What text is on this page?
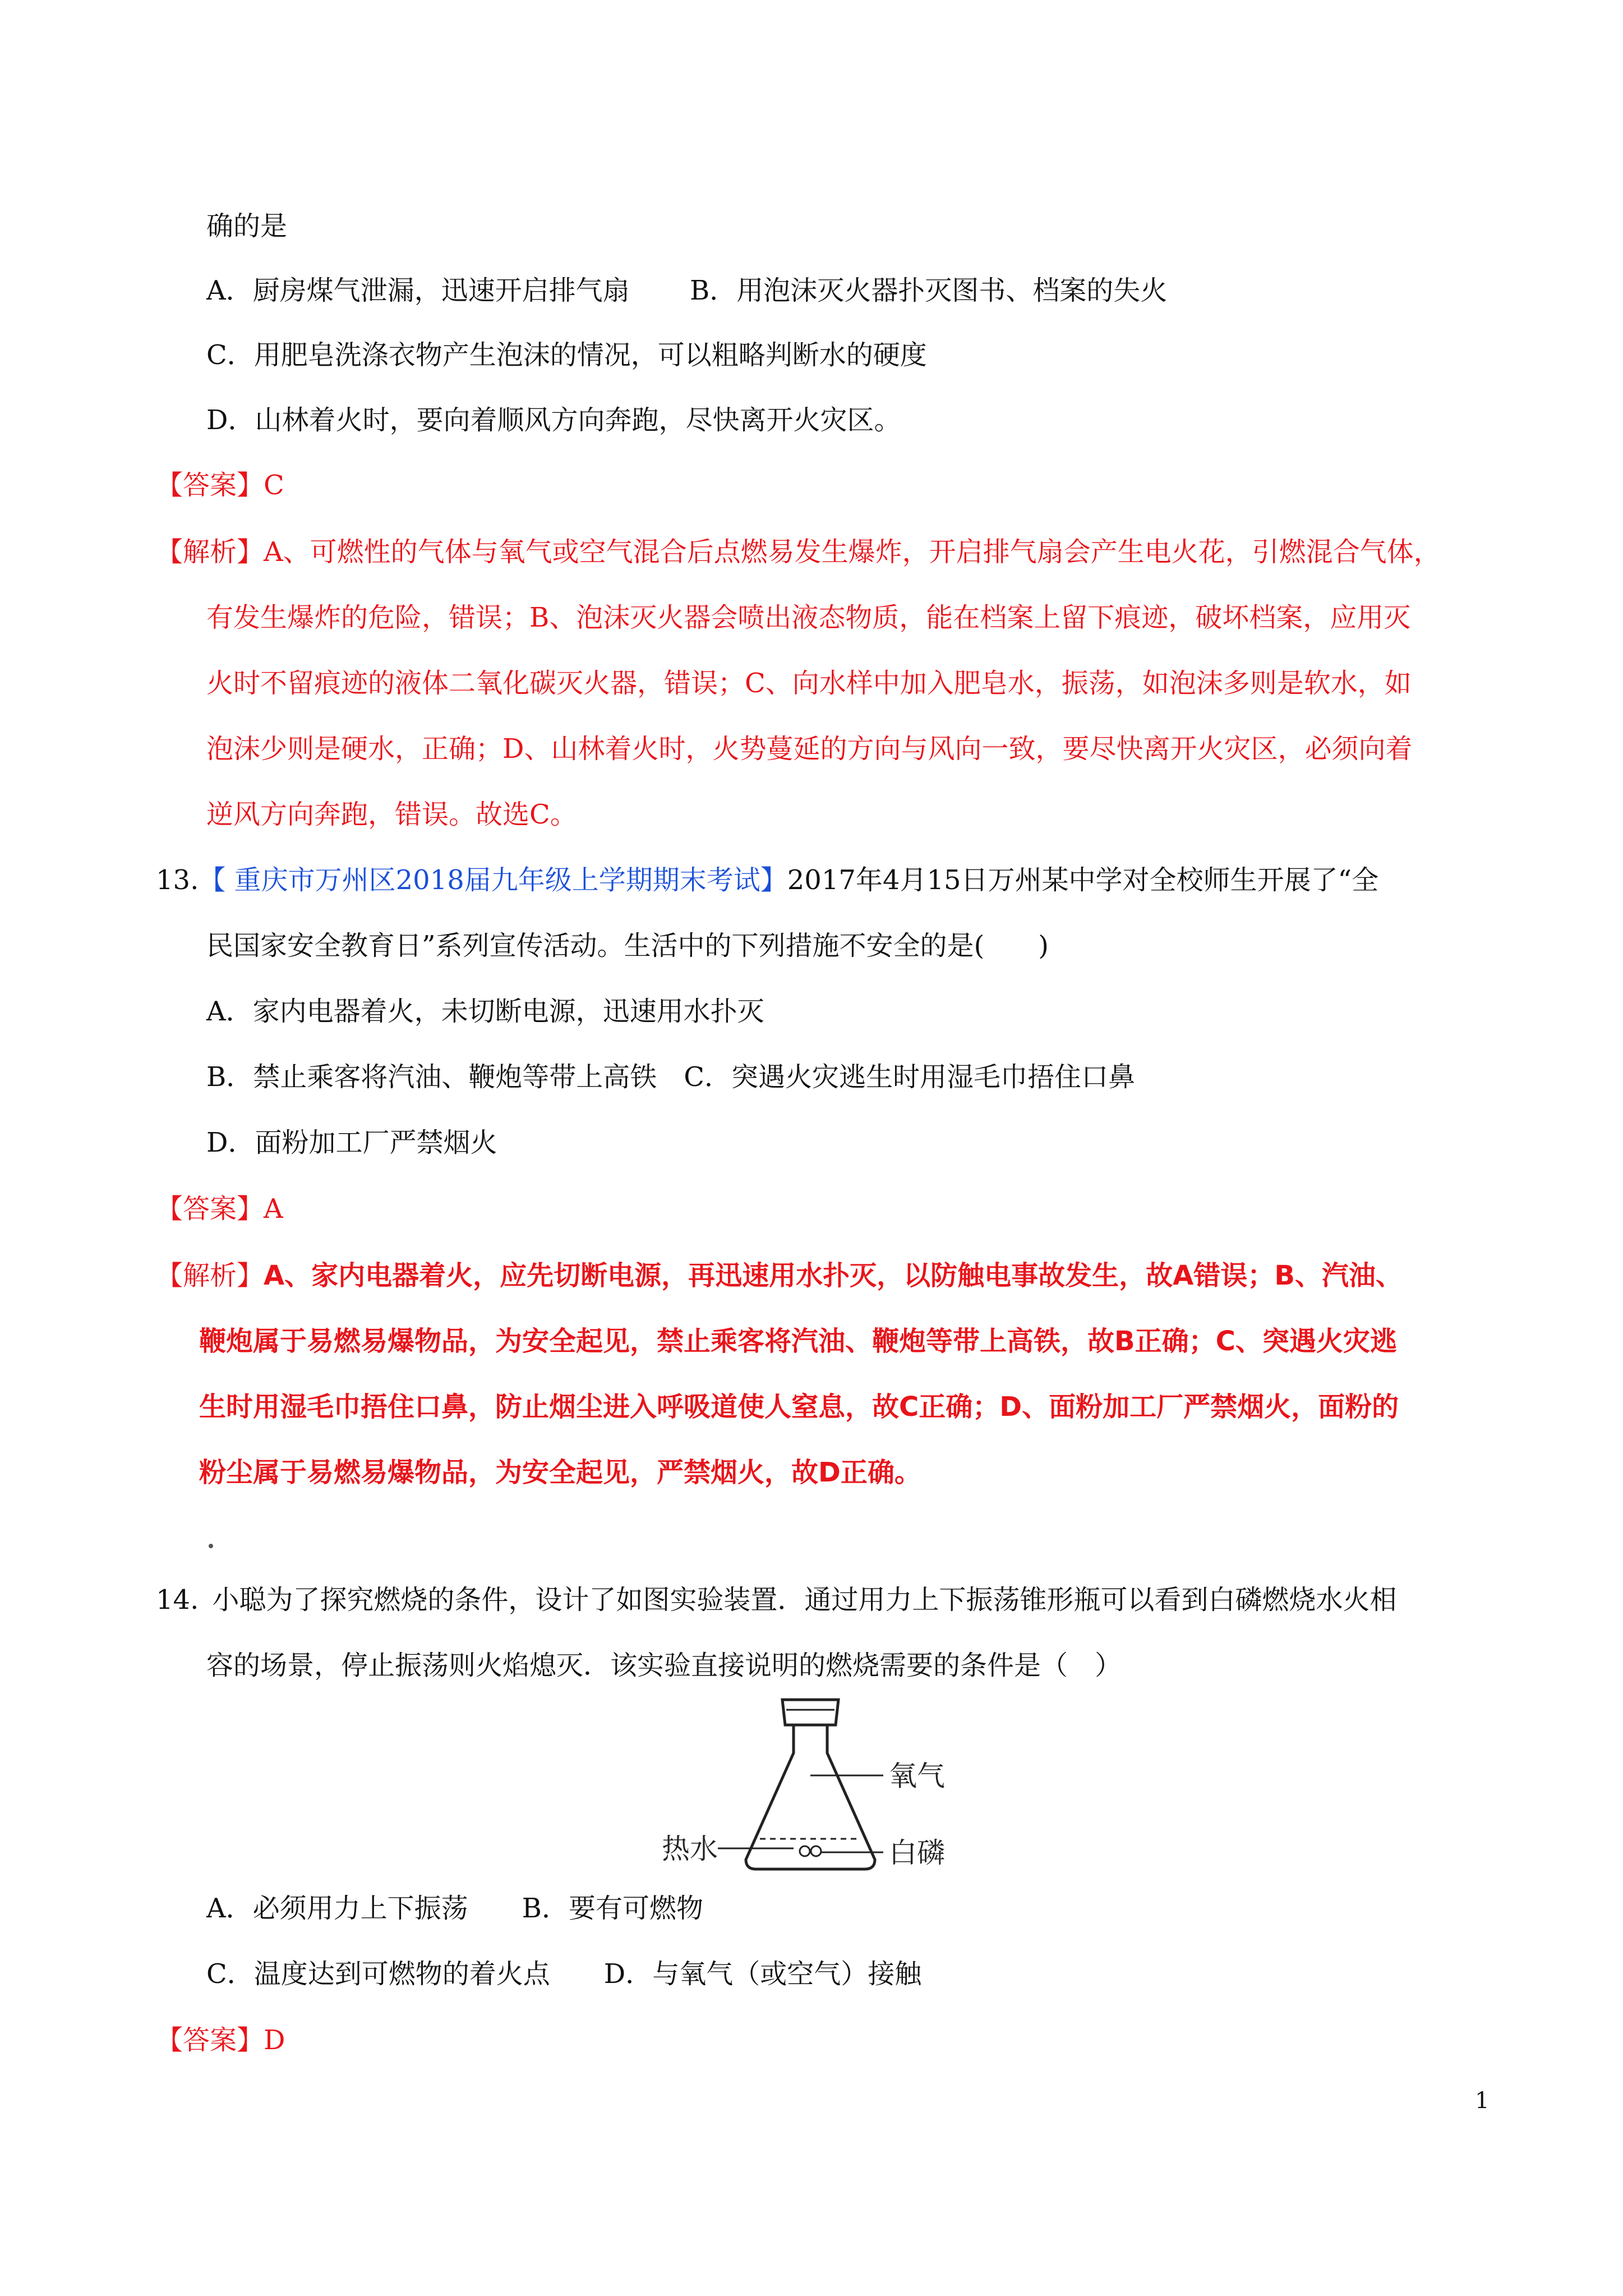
确的是
A．厨房煤气泄漏，迅速开启排气扇 B．用泡沫灭火器扑灭图书、档案的失火
C．用肥皂洗涤衣物产生泡沫的情况，可以粗略判断水的硬度
D．山林着火时，要向着顺风方向奔跑，尽快离开火灾区。
【答案】C
【解析】A、可燃性的气体与氧气或空气混合后点燃易发生爆炸，开启排气扇会产生电火花，引燃混合气体，
有发生爆炸的危险，错误；B、泡沫灭火器会喷出液态物质，能在档案上留下痕迹，破坏档案，应用灭
火时不留痕迹的液体二氧化碳灭火器，错误；C、向水样中加入肥皂水，振荡，如泡沫多则是软水，如
泡沫少则是硬水，正确；D、山林着火时，火势蔓延的方向与风向一致，要尽快离开火灾区，必须向着
逆风方向奔跑，错误。故选C。
13.【 重庆市万州区2018届九年级上学期期末考试】2017年4月15日万州某中学对全校师生开展了“全
民国家安全教育日”系列宣传活动。生活中的下列措施不安全的是(　　)
A．家内电器着火，未切断电源，迅速用水扑灭
B．禁止乘客将汽油、鞭炮等带上高铁　C．突遇火灾逃生时用湿毛巾捂住口鼻
D．面粉加工厂严禁烟火
【答案】A
【解析】A、家内电器着火，应先切断电源，再迅速用水扑灭，以防触电事故发生，故A错误；B、汽油、
鞭炮属于易燃易爆物品，为安全起见，禁止乘客将汽油、鞭炮等带上高铁，故B正确；C、突遇火灾逃
生时用湿毛巾捂住口鼻，防止烟尘进入呼吸道使人窒息，故C正确；D、面粉加工厂严禁烟火，面粉的
粉尘属于易燃易爆物品，为安全起见，严禁烟火，故D正确。
14. 小聪为了探究燃烧的条件，设计了如图实验装置．通过用力上下振荡锥形瓶可以看到白磷燃烧水火相
容的场景，停止振荡则火焰熄灭．该实验直接说明的燃烧需要的条件是（　）
氧气
热水	白磷
A．必须用力上下振荡　　B．要有可燃物
C．温度达到可燃物的着火点　　D．与氧气（或空气）接触
【答案】D
1
